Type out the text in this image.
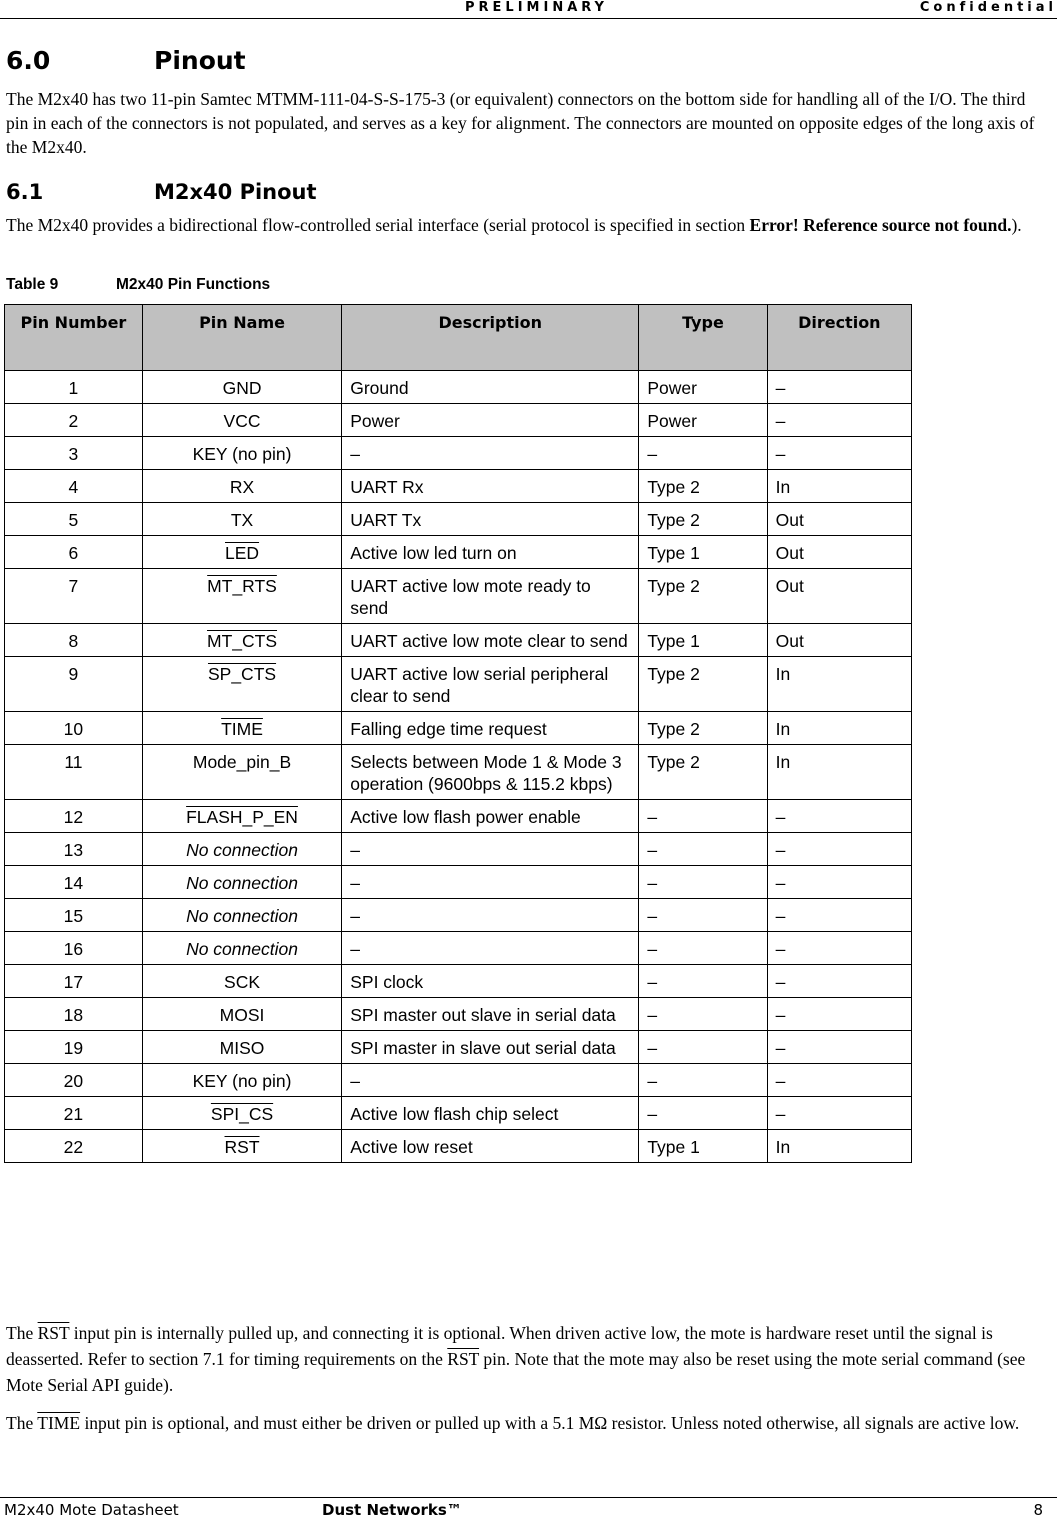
PRELIMINARY	Confidential
6.0	Pinout
The M2x40 has two 11-pin Samtec MTMM-111-04-S-S-175-3 (or equivalent) connectors on the bottom side for handling all of the I/O. The third pin in each of the connectors is not populated, and serves as a key for alignment. The connectors are mounted on opposite edges of the long axis of the M2x40.
6.1	M2x40 Pinout
The M2x40 provides a bidirectional flow-controlled serial interface (serial protocol is specified in section Error! Reference source not found.).
Table 9	M2x40 Pin Functions
Pin Number	Pin Name	Description	Type	Direction
1	GND	Ground	Power	–
2	VCC	Power	Power	–
3	KEY (no pin)	–	–	–
4	RX	UART Rx	Type 2	In
5	TX	UART Tx	Type 2	Out
6	$\overline{LED}$	Active low led turn on	Type 1	Out
7	MT_RTS	UART active low mote ready to send	Type 2	Out
8	MT_CTS	UART active low mote clear to send	Type 1	Out
9	SP_CTS	UART active low serial peripheral clear to send	Type 2	In
10	TIME	Falling edge time request	Type 2	In
11	Mode_pin_B	Selects between Mode 1 & Mode 3 operation (9600bps & 115.2 kbps)	Type 2	In
12	FLASH_P_EN	Active low flash power enable	–	–
13	No connection	–	–	–
14	No connection	–	–	–
15	No connection	–	–	–
16	No connection	–	–	–
17	SCK	SPI clock	–	–
18	MOSI	SPI master out slave in serial data	–	–
19	MISO	SPI master in slave out serial data	–	–
20	KEY (no pin)	–	–	–
21	SPI_CS	Active low flash chip select	–	–
22	$\overline{RST}$	Active low reset	Type 1	In
The $\overline{RST}$ input pin is internally pulled up, and connecting it is optional. When driven active low, the mote is hardware reset until the signal is deasserted. Refer to section 7.1 for timing requirements on the $\overline{RST}$ pin. Note that the mote may also be reset using the mote serial command (see Mote Serial API guide).
The TIME input pin is optional, and must either be driven or pulled up with a 5.1 MΩ resistor. Unless noted otherwise, all signals are active low.
M2x40 Mote Datasheet	Dust Networks™	8
